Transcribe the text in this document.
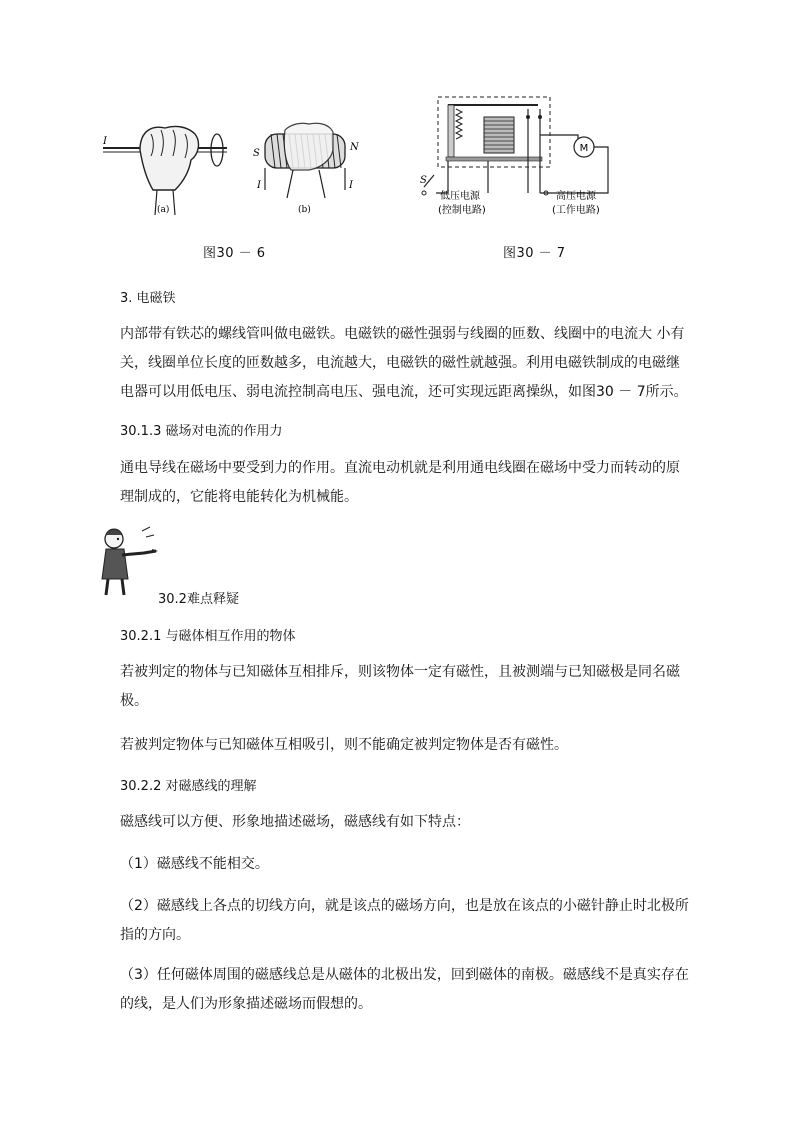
I
S
N
I	I
(a)	(b)
图30 － 6
M
S
低压电源
(控制电路)
高压电源
(工作电路)
图30 － 7
3. 电磁铁
内部带有铁芯的螺线管叫做电磁铁。电磁铁的磁性强弱与线圈的匝数、线圈中的电流大 小有关，线圈单位长度的匝数越多，电流越大，电磁铁的磁性就越强。利用电磁铁制成的电磁继电器可以用低电压、弱电流控制高电压、强电流，还可实现远距离操纵，如图30 － 7所示。
30.1.3 磁场对电流的作用力
通电导线在磁场中要受到力的作用。直流电动机就是利用通电线圈在磁场中受力而转动的原理制成的，它能将电能转化为机械能。
30.2难点释疑
30.2.1 与磁体相互作用的物体
若被判定的物体与已知磁体互相排斥，则该物体一定有磁性，且被测端与已知磁极是同名磁极。
若被判定物体与已知磁体互相吸引，则不能确定被判定物体是否有磁性。
30.2.2 对磁感线的理解
磁感线可以方便、形象地描述磁场，磁感线有如下特点：
（1）磁感线不能相交。
（2）磁感线上各点的切线方向，就是该点的磁场方向，也是放在该点的小磁针静止时北极所指的方向。
（3）任何磁体周围的磁感线总是从磁体的北极出发，回到磁体的南极。磁感线不是真实存在的线，是人们为形象描述磁场而假想的。
